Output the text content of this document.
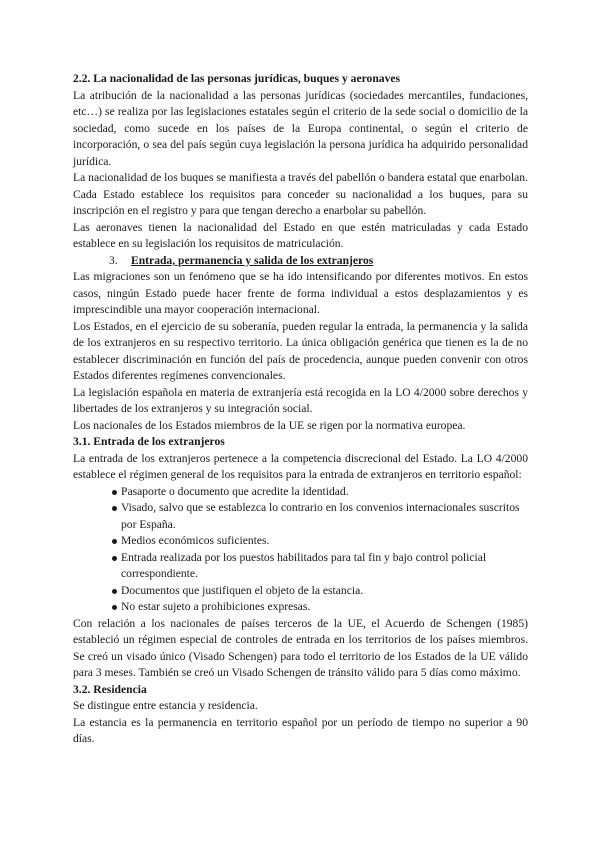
2.2. La nacionalidad de las personas jurídicas, buques y aeronaves

La atribución de la nacionalidad a las personas jurídicas (sociedades mercantiles, fundaciones, etc…) se realiza por las legislaciones estatales según el criterio de la sede social o domicilio de la sociedad, como sucede en los países de la Europa continental, o según el criterio de incorporación, o sea del país según cuya legislación la persona jurídica ha adquirido personalidad jurídica.

La nacionalidad de los buques se manifiesta a través del pabellón o bandera estatal que enarbolan. Cada Estado establece los requisitos para conceder su nacionalidad a los buques, para su inscripción en el registro y para que tengan derecho a enarbolar su pabellón.

Las aeronaves tienen la nacionalidad del Estado en que estén matriculadas y cada Estado establece en su legislación los requisitos de matriculación.

3. Entrada, permanencia y salida de los extranjeros

Las migraciones son un fenómeno que se ha ido intensificando por diferentes motivos. En estos casos, ningún Estado puede hacer frente de forma individual a estos desplazamientos y es imprescindible una mayor cooperación internacional.

Los Estados, en el ejercicio de su soberanía, pueden regular la entrada, la permanencia y la salida de los extranjeros en su respectivo territorio. La única obligación genérica que tienen es la de no establecer discriminación en función del país de procedencia, aunque pueden convenir con otros Estados diferentes regímenes convencionales.

La legislación española en materia de extranjería está recogida en la LO 4/2000 sobre derechos y libertades de los extranjeros y su integración social.

Los nacionales de los Estados miembros de la UE se rigen por la normativa europea.

3.1. Entrada de los extranjeros

La entrada de los extranjeros pertenece a la competencia discrecional del Estado. La LO 4/2000 establece el régimen general de los requisitos para la entrada de extranjeros en territorio español:

Pasaporte o documento que acredite la identidad.
Visado, salvo que se establezca lo contrario en los convenios internacionales suscritos por España.
Medios económicos suficientes.
Entrada realizada por los puestos habilitados para tal fin y bajo control policial correspondiente.
Documentos que justifiquen el objeto de la estancia.
No estar sujeto a prohibiciones expresas.

Con relación a los nacionales de países terceros de la UE, el Acuerdo de Schengen (1985) estableció un régimen especial de controles de entrada en los territorios de los países miembros. Se creó un visado único (Visado Schengen) para todo el territorio de los Estados de la UE válido para 3 meses. También se creó un Visado Schengen de tránsito válido para 5 días como máximo.

3.2. Residencia

Se distingue entre estancia y residencia.

La estancia es la permanencia en territorio español por un período de tiempo no superior a 90 días.
